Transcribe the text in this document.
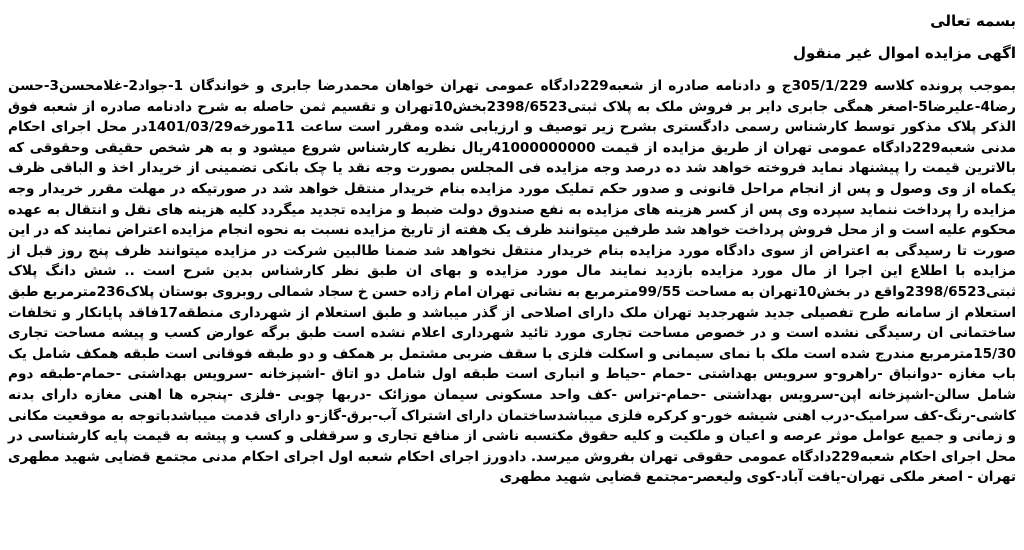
بسمه تعالی
اگهی مزایده اموال غیر منقول
بموجب پرونده کلاسه 305/1/229ج و دادنامه صادره از شعبه229دادگاه عمومی تهران خواهان محمدرضا جابری و خواندگان 1-جواد2-غلامحسن3-حسن رضا4-علیرضا5-اصغر همگی جابری دایر بر فروش ملک به پلاک ثبتی2398/6523بخش10تهران و تقسیم ثمن حاصله به شرح دادنامه صادره از شعبه فوق الذکر پلاک مذکور توسط کارشناس رسمی دادگستری بشرح زیر توصیف و ارزیابی شده ومقرر است ساعت 11مورخه1401/03/29در محل اجرای احکام مدنی شعبه229دادگاه عمومی تهران از طریق مزایده از قیمت 41000000000ریال نظریه کارشناس شروع میشود و به هر شخص حقیقی وحقوقی که بالاترین قیمت را پیشنهاد نماید فروخته خواهد شد ده درصد وجه مزایده فی المجلس بصورت وجه نقد یا چک بانکی تضمینی از خریدار اخذ و الباقی ظرف یکماه از وی وصول و پس از انجام مراحل قانونی و صدور حکم تملیک مورد مزایده بنام خریدار منتقل خواهد شد در صورتیکه در مهلت مقرر خریدار وجه مزایده را پرداخت ننماید سپرده وی پس از کسر هزینه های مزایده به نفع صندوق دولت ضبط و مزایده تجدید میگردد کلیه هزینه های نقل و انتقال به عهده محکوم علیه است و از محل فروش پرداخت خواهد شد طرفین میتوانند ظرف یک هفته از تاریخ مزایده نسبت به نحوه انجام مزایده اعتراض نمایند که در این صورت تا رسیدگی به اعتراض از سوی دادگاه مورد مزایده بنام خریدار منتقل نخواهد شد ضمنا طالبین شرکت در مزایده میتوانند ظرف پنج روز قبل از مزایده با اطلاع این اجرا از مال مورد مزایده بازدید نمایند مال مورد مزایده و بهای ان طبق نظر کارشناس بدین شرح است .. شش دانگ پلاک ثبتی2398/6523واقع در بخش10تهران به مساحت 99/55مترمربع به نشانی تهران امام زاده حسن خ سجاد شمالی روبروی بوستان پلاک236مترمربع طبق استعلام از سامانه طرح تفصیلی جدید شهرجدید تهران ملک دارای اصلاحی از گذر میباشد و طبق استعلام از شهرداری منطقه17فاقد پایانکار و تخلفات ساختمانی ان رسیدگی نشده است و در خصوص مساحت تجاری مورد تائید شهرداری اعلام نشده است طبق برگه عوارض کسب و پیشه مساحت تجاری 15/30مترمربع مندرج شده است ملک با نمای سیمانی و اسکلت فلزی با سقف ضربی مشتمل بر همکف و دو طبقه فوقانی است طبقه همکف شامل یک باب مغازه -دوانباق -راهرو-و سرویس بهداشتی -حمام -حیاط و انباری است طبقه اول شامل دو اتاق -اشپزخانه -سرویس بهداشتی -حمام-طبقه دوم شامل سالن-اشپزخانه اپن-سرویس بهداشتی -حمام-تراس -کف واحد مسکونی سیمان موزائک -دربها چوبی -فلزی -پنجره ها اهنی مغازه دارای بدنه کاشی-رنگ-کف سرامیک-درب اهنی شیشه خور-و کرکره فلزی میباشدساختمان دارای اشتراک آب-برق-گاز-و دارای قدمت میباشدباتوجه به موقعیت مکانی و زمانی و جمیع عوامل موثر عرصه و اعیان و ملکیت و کلیه حقوق مکتسبه ناشی از منافع تجاری و سرقفلی و کسب و پیشه به قیمت پایه کارشناسی در محل اجرای احکام شعبه229دادگاه عمومی حقوقی تهران بفروش میرسد. دادورز اجرای احکام شعبه اول اجرای احکام مدنی مجتمع قضایی شهید مطهری تهران - اصغر ملکی تهران-یافت آباد-کوی ولیعصر-مجتمع قضایی شهید مطهری
